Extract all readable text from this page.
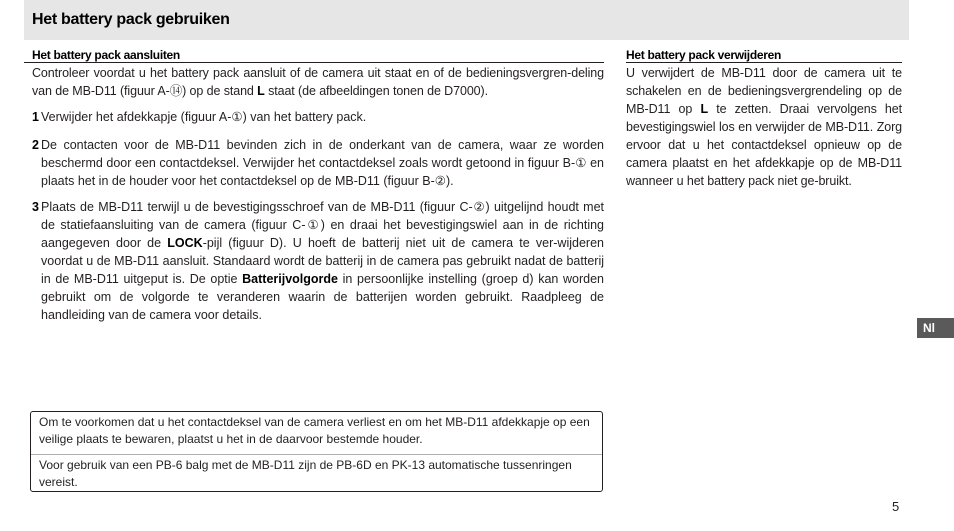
Het battery pack gebruiken
Het battery pack aansluiten
Controleer voordat u het battery pack aansluit of de camera uit staat en of de bedieningsvergren-deling van de MB-D11 (figuur A-⑭) op de stand L staat (de afbeeldingen tonen de D7000).
1 Verwijder het afdekkapje (figuur A-①) van het battery pack.
2 De contacten voor de MB-D11 bevinden zich in de onderkant van de camera, waar ze worden beschermd door een contactdeksel. Verwijder het contactdeksel zoals wordt getoond in figuur B-① en plaats het in de houder voor het contactdeksel op de MB-D11 (figuur B-②).
3 Plaats de MB-D11 terwijl u de bevestigingsschroef van de MB-D11 (figuur C-②) uitgelijnd houdt met de statiefaansluiting van de camera (figuur C-①) en draai het bevestigingswiel aan in de richting aangegeven door de LOCK-pijl (figuur D). U hoeft de batterij niet uit de camera te ver-wijderen voordat u de MB-D11 aansluit. Standaard wordt de batterij in de camera pas gebruikt nadat de batterij in de MB-D11 uitgeput is. De optie Batterijvolgorde in persoonlijke instelling (groep d) kan worden gebruikt om de volgorde te veranderen waarin de batterijen worden gebruikt. Raadpleeg de handleiding van de camera voor details.
Het battery pack verwijderen
U verwijdert de MB-D11 door de camera uit te schakelen en de bedieningsvergrendeling op de MB-D11 op L te zetten. Draai vervolgens het bevestigingswiel los en verwijder de MB-D11. Zorg ervoor dat u het contactdeksel opnieuw op de camera plaatst en het afdekkapje op de MB-D11 wanneer u het battery pack niet ge-bruikt.
Om te voorkomen dat u het contactdeksel van de camera verliest en om het MB-D11 afdekkapje op een veilige plaats te bewaren, plaatst u het in de daarvoor bestemde houder.
Voor gebruik van een PB-6 balg met de MB-D11 zijn de PB-6D en PK-13 automatische tussenringen vereist.
Nl
5
